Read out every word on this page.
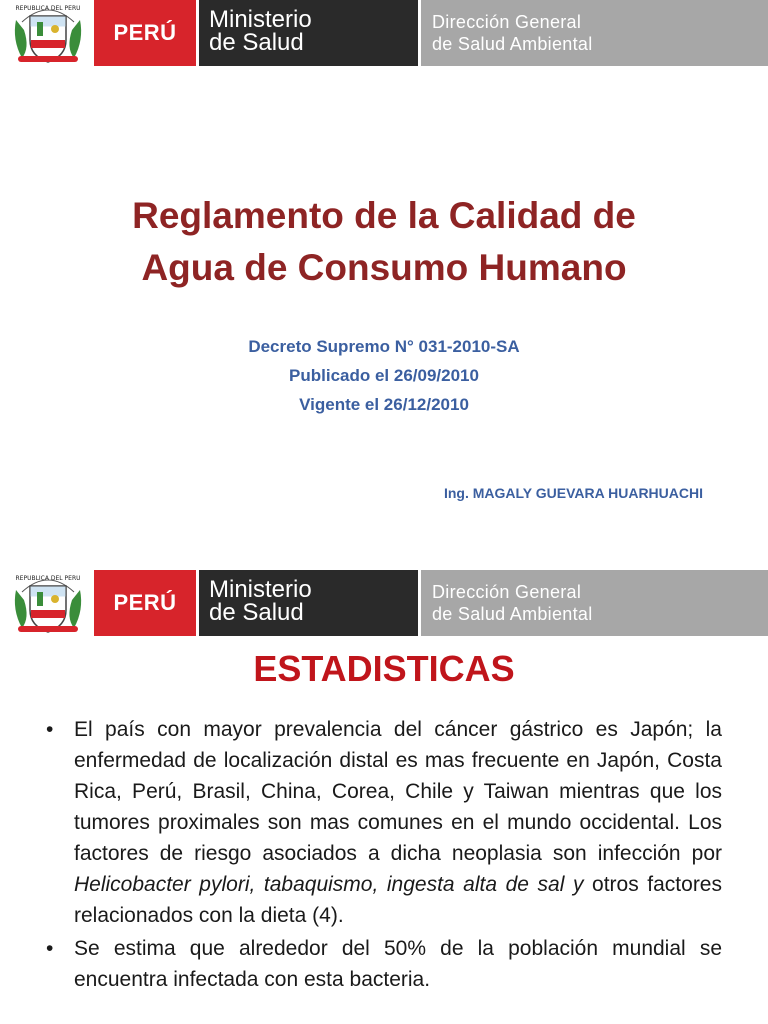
REPUBLICA DEL PERU
PERÚ	Ministerio
de Salud
Dirección General
de Salud Ambiental
Reglamento de la Calidad de
Agua de Consumo Humano
Decreto Supremo N° 031-2010-SA
Publicado el 26/09/2010
Vigente el 26/12/2010
Ing. MAGALY GUEVARA HUARHUACHI
REPUBLICA DEL PERU
PERÚ	Ministerio
de Salud
Dirección General
de Salud Ambiental
ESTADISTICAS
• El país con mayor prevalencia del cáncer gástrico es Japón; la enfermedad de localización distal es mas frecuente en Japón, Costa Rica, Perú, Brasil, China, Corea, Chile y Taiwan mientras que los tumores proximales son mas comunes en el mundo occidental. Los factores de riesgo asociados a dicha neoplasia son infección por Helicobacter pylori, tabaquismo, ingesta alta de sal y otros factores relacionados con la dieta (4).
• Se estima que alrededor del 50% de la población mundial se encuentra infectada con esta bacteria.
